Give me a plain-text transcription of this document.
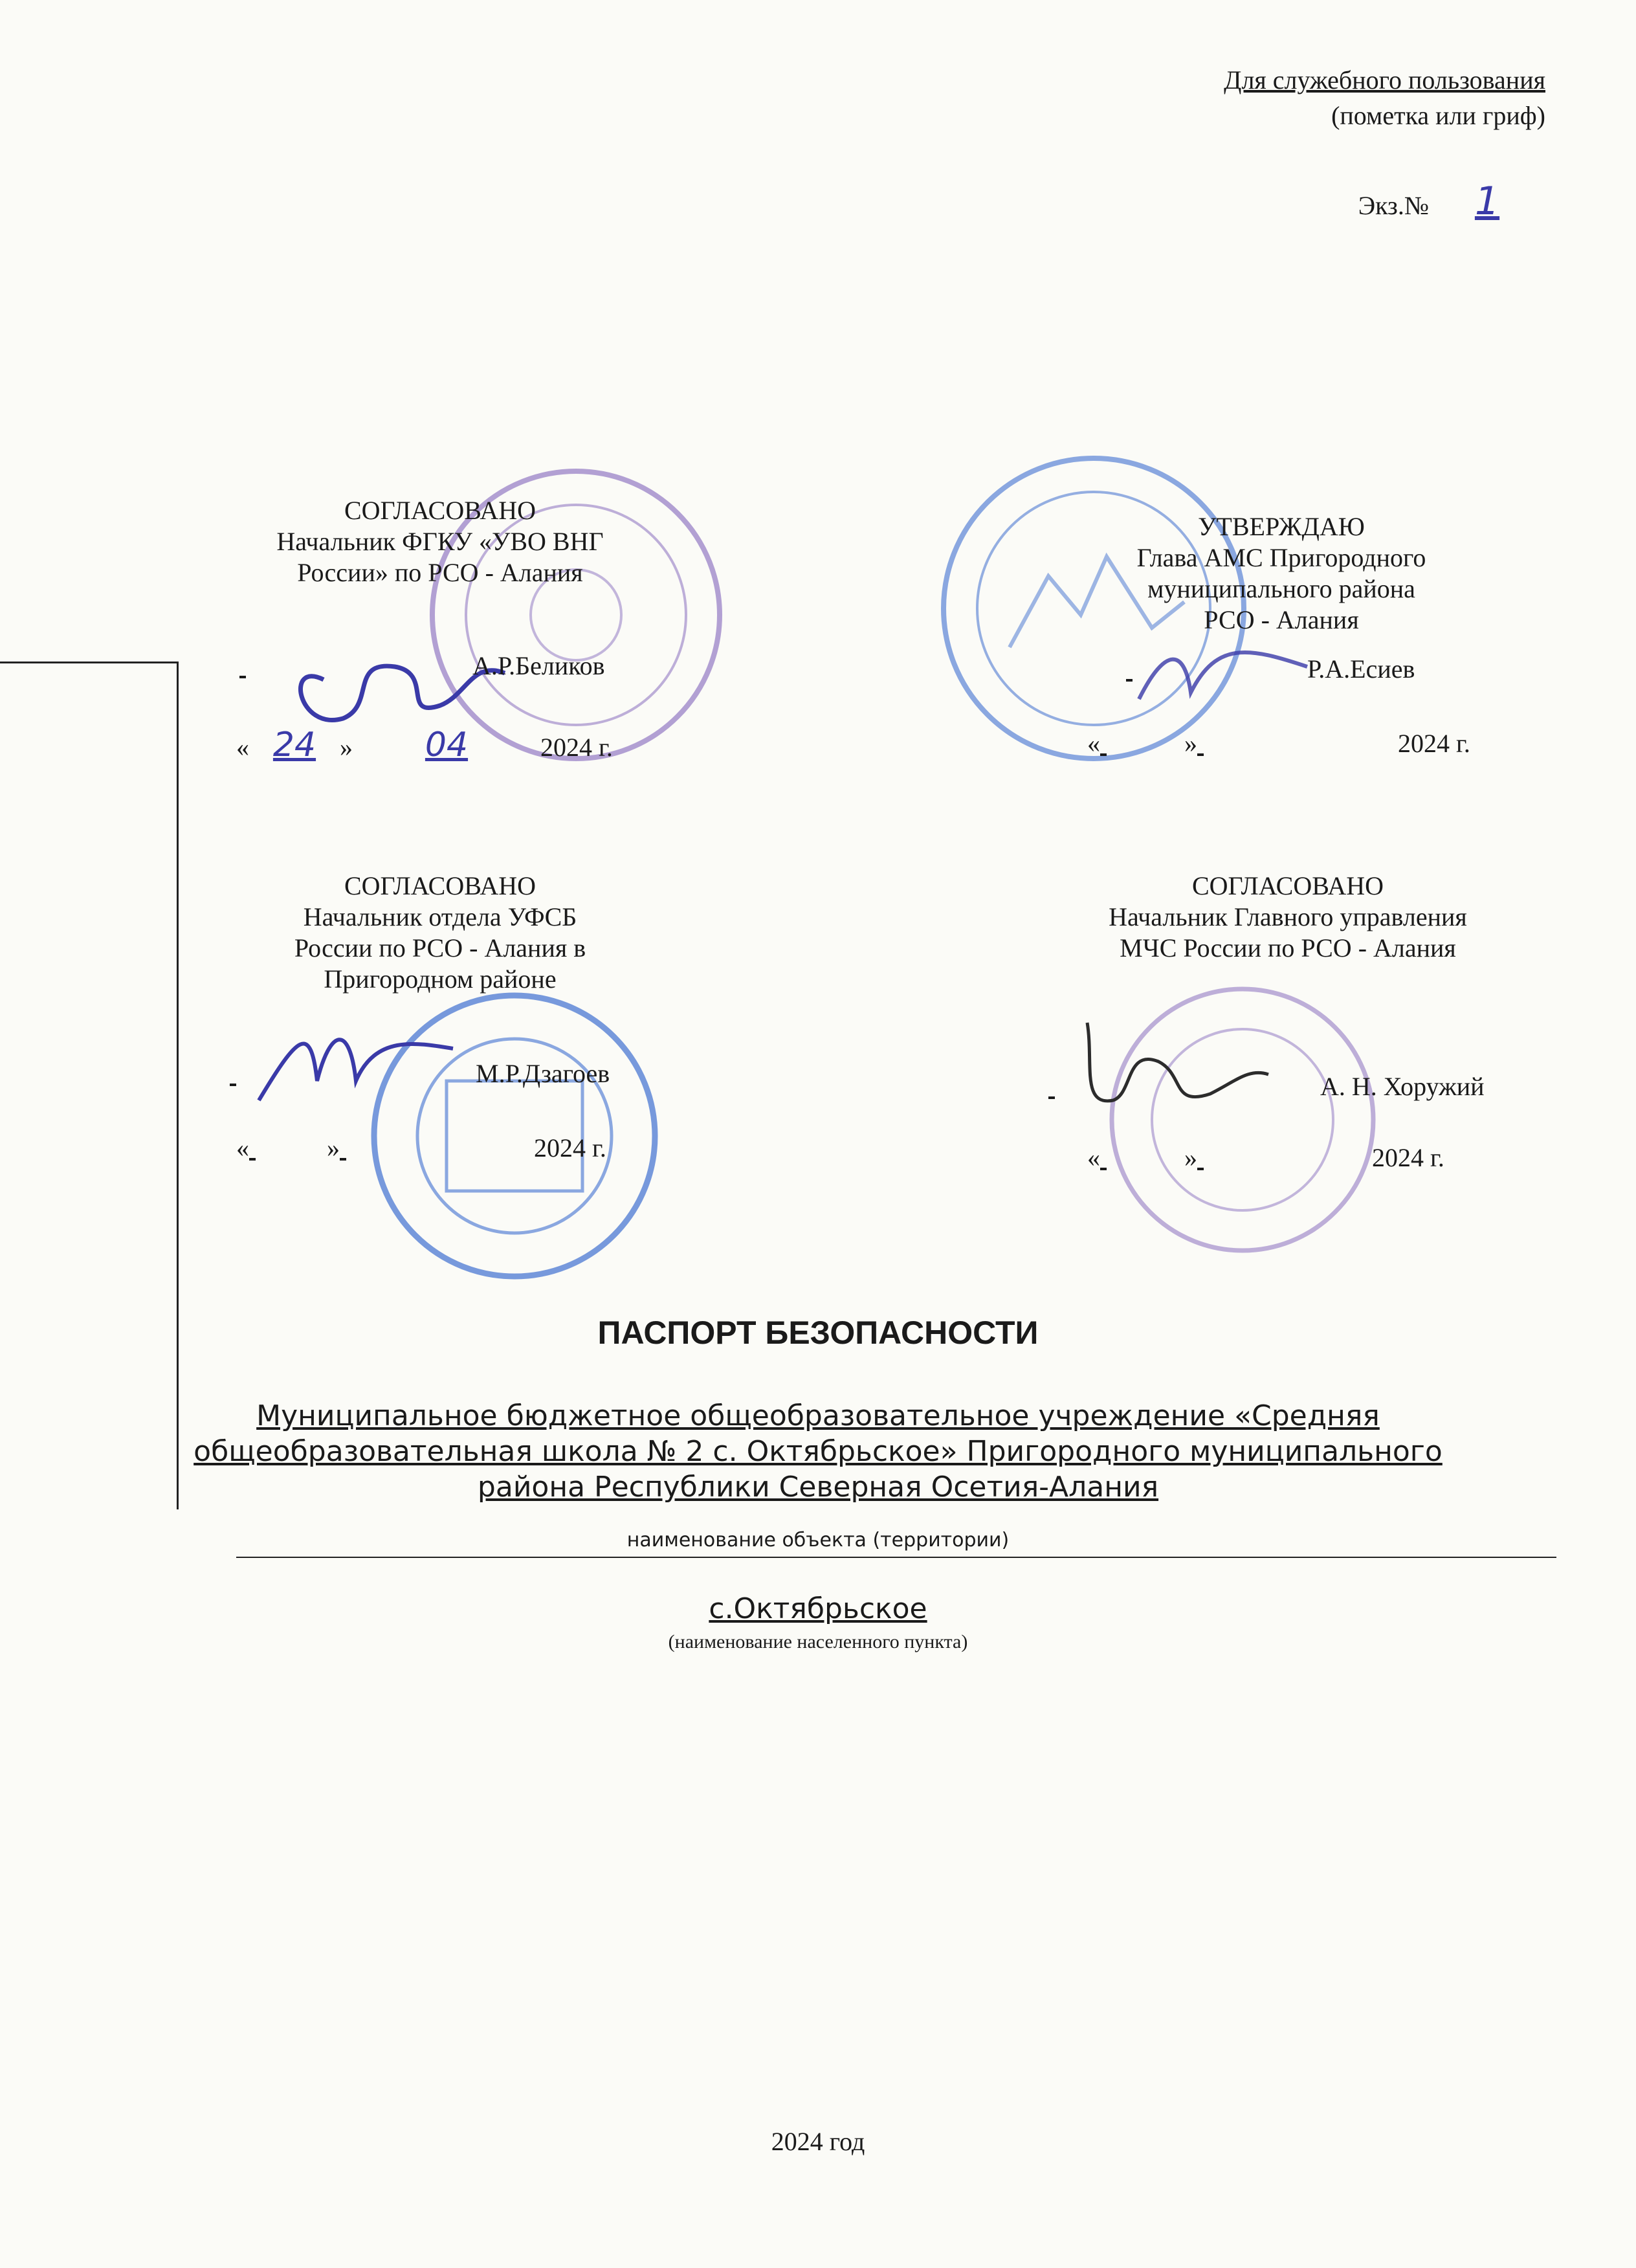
Для служебного пользования
(пометка или гриф)
Экз.№ 1
СОГЛАСОВАНО
Начальник ФГКУ «УВО ВНГ
России» по РСО - Алания
А.Р.Беликов
« 24 » 04	2024 г.
УТВЕРЖДАЮ
Глава АМС Пригородного
муниципального района
РСО - Алания
Р.А.Есиев
«	»	2024 г.
СОГЛАСОВАНО
Начальник отдела УФСБ
России по РСО - Алания в
Пригородном районе
М.Р.Дзагоев
«	»	2024 г.
СОГЛАСОВАНО
Начальник Главного управления
МЧС России по РСО - Алания
А. Н. Хоружий
«	»	2024 г.
ПАСПОРТ БЕЗОПАСНОСТИ
Муниципальное бюджетное общеобразовательное учреждение «Средняя
общеобразовательная школа № 2 с. Октябрьское» Пригородного муниципального
района Республики Северная Осетия-Алания
наименование объекта (территории)
с.Октябрьское
(наименование населенного пункта)
2024 год
